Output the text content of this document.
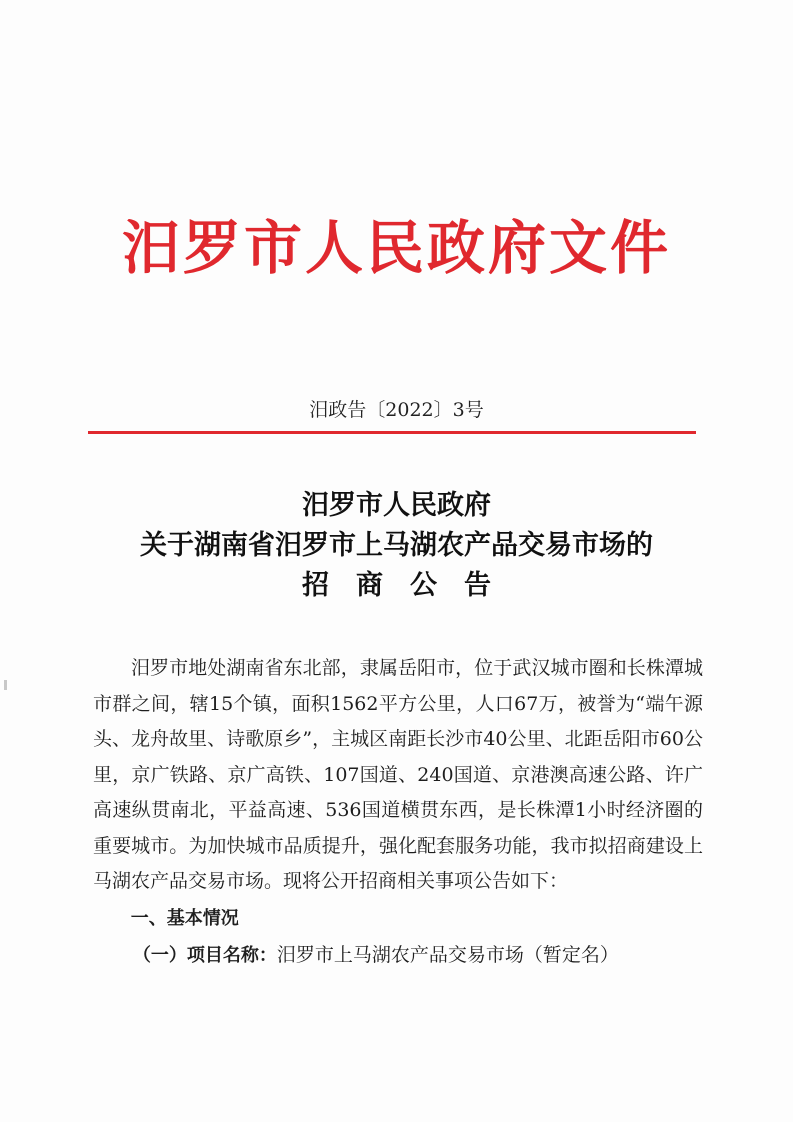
汨罗市人民政府文件
汨政告〔2022〕3号
汨罗市人民政府
关于湖南省汨罗市上马湖农产品交易市场的
招商公告

汨罗市地处湖南省东北部，隶属岳阳市，位于武汉城市圈和长株潭城市群之间，辖15个镇，面积1562平方公里，人口67万，被誉为“端午源头、龙舟故里、诗歌原乡”，主城区南距长沙市40公里、北距岳阳市60公里，京广铁路、京广高铁、107国道、240国道、京港澳高速公路、许广高速纵贯南北，平益高速、536国道横贯东西，是长株潭1小时经济圈的重要城市。为加快城市品质提升，强化配套服务功能，我市拟招商建设上马湖农产品交易市场。现将公开招商相关事项公告如下：

一、基本情况

（一）项目名称：汨罗市上马湖农产品交易市场（暂定名）
